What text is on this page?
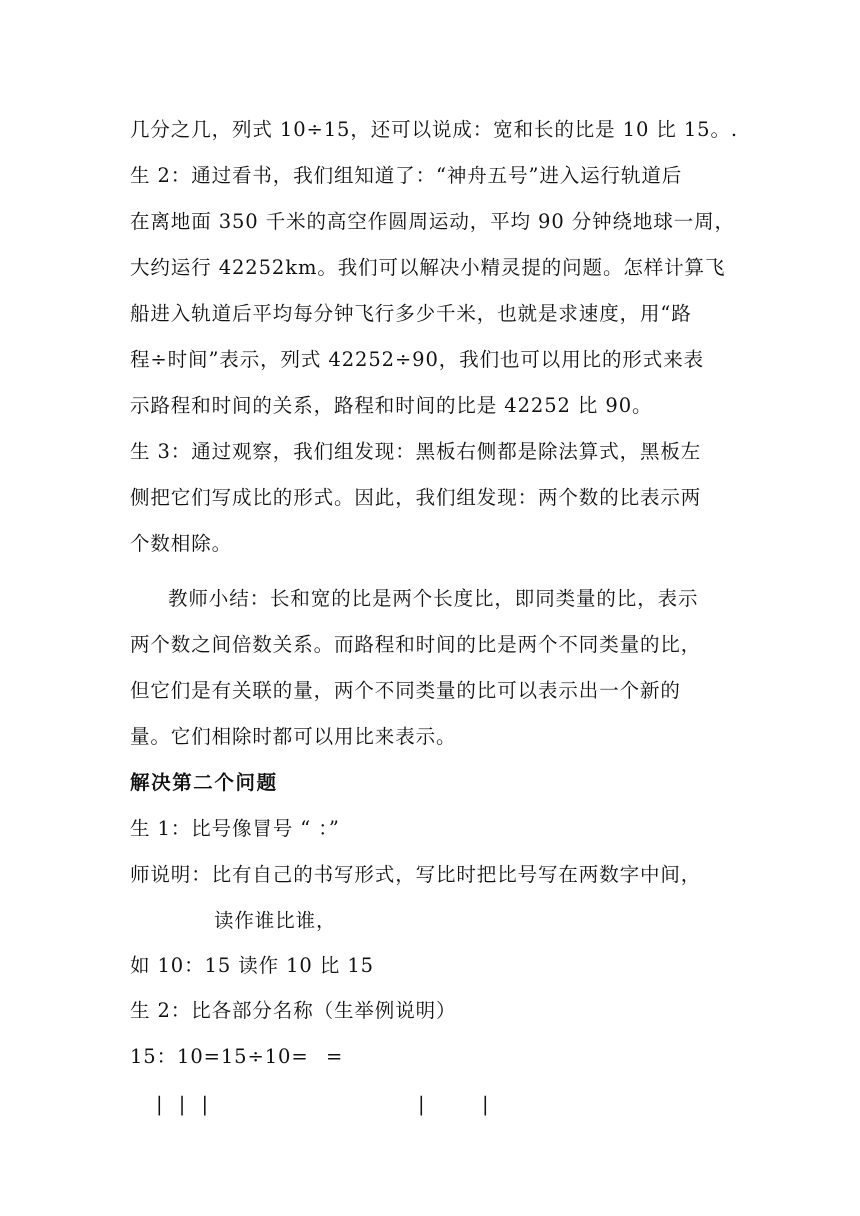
几分之几，列式 10÷15，还可以说成：宽和长的比是 10 比 15。.
生 2：通过看书，我们组知道了：“神舟五号”进入运行轨道后
在离地面 350 千米的高空作圆周运动，平均 90 分钟绕地球一周，
大约运行 42252km。我们可以解决小精灵提的问题。怎样计算飞
船进入轨道后平均每分钟飞行多少千米，也就是求速度，用“路
程÷时间”表示，列式 42252÷90，我们也可以用比的形式来表
示路程和时间的关系，路程和时间的比是 42252 比 90。
生 3：通过观察，我们组发现：黑板右侧都是除法算式，黑板左
侧把它们写成比的形式。因此，我们组发现：两个数的比表示两
个数相除。
教师小结：长和宽的比是两个长度比，即同类量的比，表示
两个数之间倍数关系。而路程和时间的比是两个不同类量的比，
但它们是有关联的量，两个不同类量的比可以表示出一个新的
量。它们相除时都可以用比来表示。
解决第二个问题
生 1：比号像冒号 “ ：”
师说明：比有自己的书写形式，写比时把比号写在两数字中间，
读作谁比谁，
如 10：15 读作 10 比 15
生 2：比各部分名称（生举例说明）
15：10=15÷10= =
| | |	|	|
